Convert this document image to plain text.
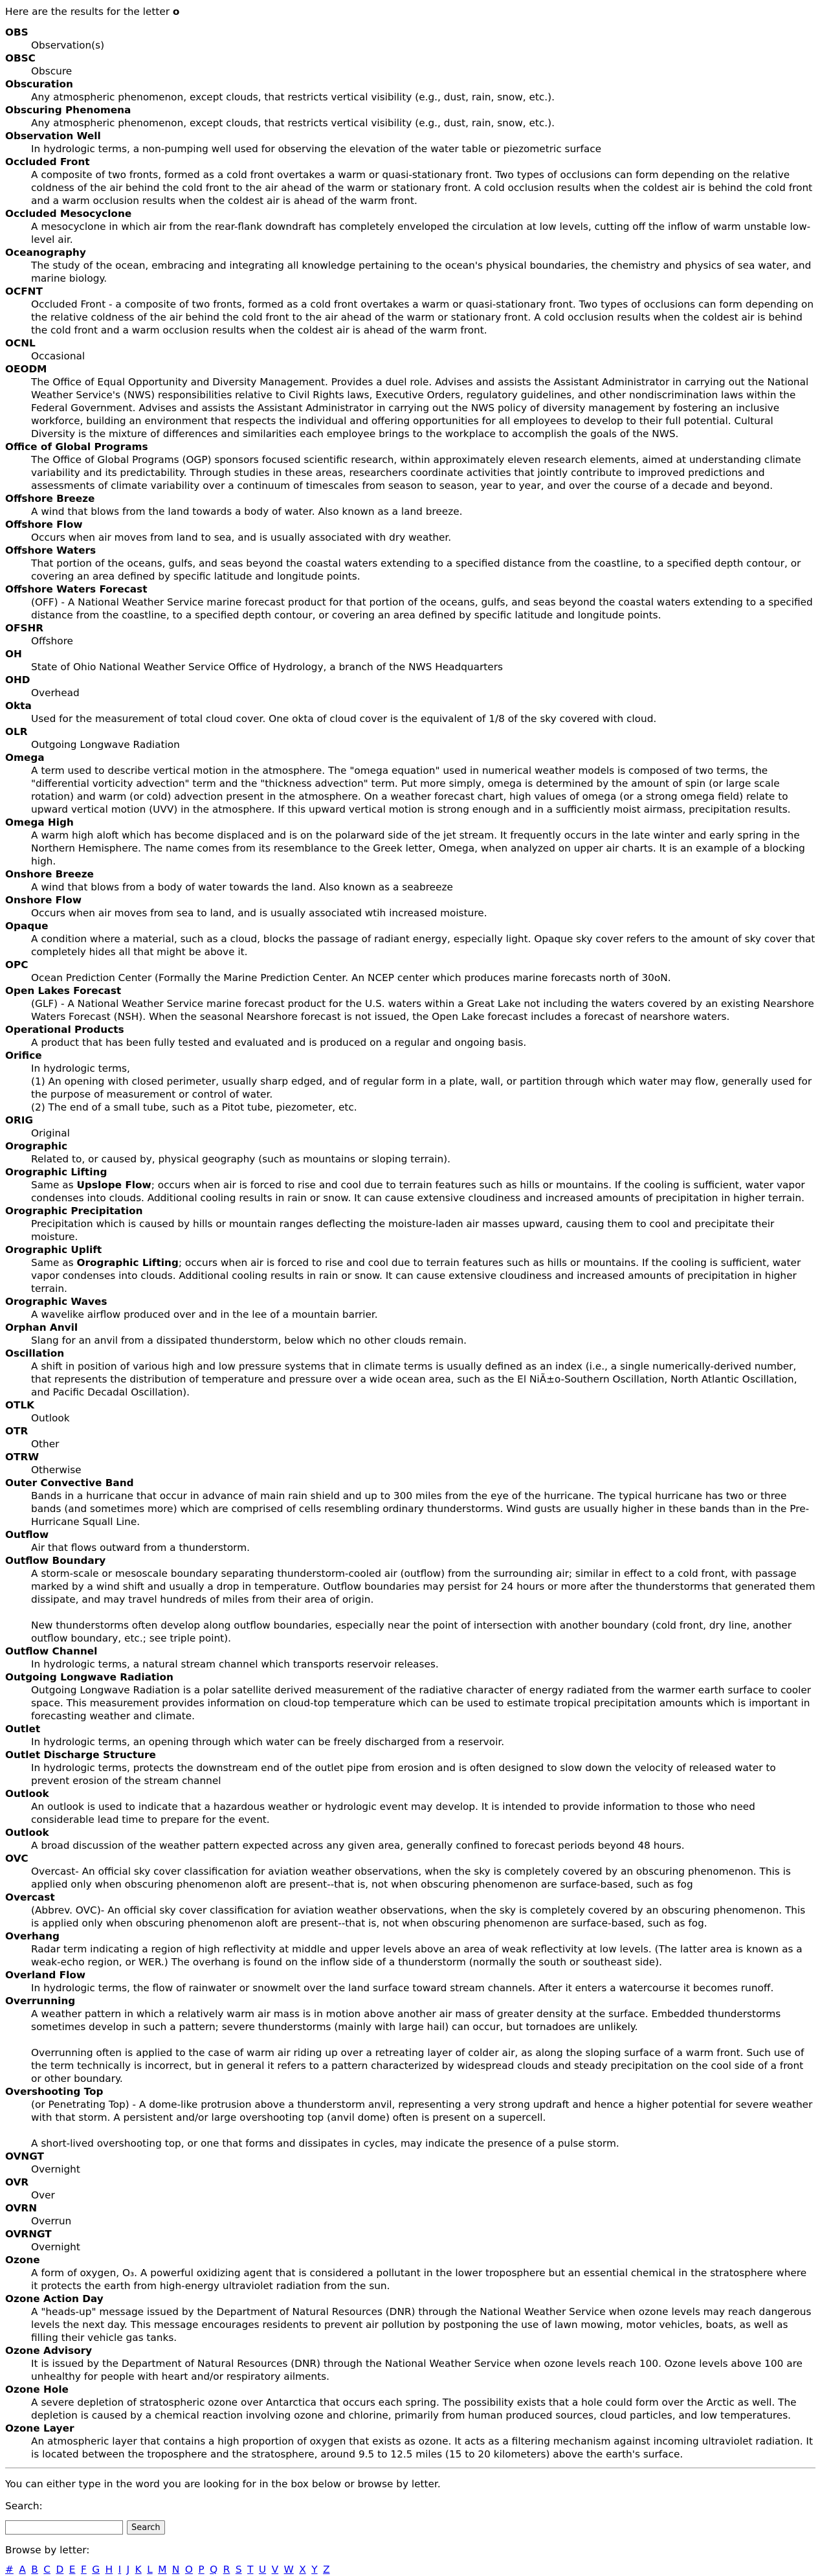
Here are the results for the letter o
OBS

Observation(s)

OBSC

Obscure

Obscuration

Any atmospheric phenomenon, except clouds, that restricts vertical visibility (e.g., dust, rain, snow, etc.).

Obscuring Phenomena

Any atmospheric phenomenon, except clouds, that restricts vertical visibility (e.g., dust, rain, snow, etc.).

Observation Well

In hydrologic terms, a non-pumping well used for observing the elevation of the water table or piezometric surface

Occluded Front

A composite of two fronts, formed as a cold front overtakes a warm or quasi-stationary front. Two types of occlusions can form depending on the relative coldness of the air behind the cold front to the air ahead of the warm or stationary front. A cold occlusion results when the coldest air is behind the cold front and a warm occlusion results when the coldest air is ahead of the warm front.

Occluded Mesocyclone

A mesocyclone in which air from the rear-flank downdraft has completely enveloped the circulation at low levels, cutting off the inflow of warm unstable low-level air.

Oceanography

The study of the ocean, embracing and integrating all knowledge pertaining to the ocean's physical boundaries, the chemistry and physics of sea water, and marine biology.

OCFNT

Occluded Front - a composite of two fronts, formed as a cold front overtakes a warm or quasi-stationary front. Two types of occlusions can form depending on the relative coldness of the air behind the cold front to the air ahead of the warm or stationary front. A cold occlusion results when the coldest air is behind the cold front and a warm occlusion results when the coldest air is ahead of the warm front.

OCNL

Occasional

OEODM

The Office of Equal Opportunity and Diversity Management. Provides a duel role. Advises and assists the Assistant Administrator in carrying out the National Weather Service's (NWS) responsibilities relative to Civil Rights laws, Executive Orders, regulatory guidelines, and other nondiscrimination laws within the Federal Government. Advises and assists the Assistant Administrator in carrying out the NWS policy of diversity management by fostering an inclusive workforce, building an environment that respects the individual and offering opportunities for all employees to develop to their full potential. Cultural Diversity is the mixture of differences and similarities each employee brings to the workplace to accomplish the goals of the NWS.

Office of Global Programs

The Office of Global Programs (OGP) sponsors focused scientific research, within approximately eleven research elements, aimed at understanding climate variability and its predictability. Through studies in these areas, researchers coordinate activities that jointly contribute to improved predictions and assessments of climate variability over a continuum of timescales from season to season, year to year, and over the course of a decade and beyond.

Offshore Breeze

A wind that blows from the land towards a body of water. Also known as a land breeze.

Offshore Flow

Occurs when air moves from land to sea, and is usually associated with dry weather.

Offshore Waters

That portion of the oceans, gulfs, and seas beyond the coastal waters extending to a specified distance from the coastline, to a specified depth contour, or covering an area defined by specific latitude and longitude points.

Offshore Waters Forecast

(OFF) - A National Weather Service marine forecast product for that portion of the oceans, gulfs, and seas beyond the coastal waters extending to a specified distance from the coastline, to a specified depth contour, or covering an area defined by specific latitude and longitude points.

OFSHR

Offshore

OH

State of Ohio National Weather Service Office of Hydrology, a branch of the NWS Headquarters

OHD

Overhead

Okta

Used for the measurement of total cloud cover. One okta of cloud cover is the equivalent of 1/8 of the sky covered with cloud.

OLR

Outgoing Longwave Radiation

Omega

A term used to describe vertical motion in the atmosphere. The "omega equation" used in numerical weather models is composed of two terms, the "differential vorticity advection" term and the "thickness advection" term. Put more simply, omega is determined by the amount of spin (or large scale rotation) and warm (or cold) advection present in the atmosphere. On a weather forecast chart, high values of omega (or a strong omega field) relate to upward vertical motion (UVV) in the atmosphere. If this upward vertical motion is strong enough and in a sufficiently moist airmass, precipitation results.

Omega High

A warm high aloft which has become displaced and is on the polarward side of the jet stream. It frequently occurs in the late winter and early spring in the Northern Hemisphere. The name comes from its resemblance to the Greek letter, Omega, when analyzed on upper air charts. It is an example of a blocking high.

Onshore Breeze

A wind that blows from a body of water towards the land. Also known as a seabreeze

Onshore Flow

Occurs when air moves from sea to land, and is usually associated wtih increased moisture.

Opaque

A condition where a material, such as a cloud, blocks the passage of radiant energy, especially light. Opaque sky cover refers to the amount of sky cover that completely hides all that might be above it.

OPC

Ocean Prediction Center (Formally the Marine Prediction Center. An NCEP center which produces marine forecasts north of 30oN.

Open Lakes Forecast

(GLF) - A National Weather Service marine forecast product for the U.S. waters within a Great Lake not including the waters covered by an existing Nearshore Waters Forecast (NSH). When the seasonal Nearshore forecast is not issued, the Open Lake forecast includes a forecast of nearshore waters.

Operational Products

A product that has been fully tested and evaluated and is produced on a regular and ongoing basis.

Orifice

In hydrologic terms,
(1) An opening with closed perimeter, usually sharp edged, and of regular form in a plate, wall, or partition through which water may flow, generally used for the purpose of measurement or control of water.
(2) The end of a small tube, such as a Pitot tube, piezometer, etc.

ORIG

Original

Orographic

Related to, or caused by, physical geography (such as mountains or sloping terrain).

Orographic Lifting

Same as Upslope Flow; occurs when air is forced to rise and cool due to terrain features such as hills or mountains. If the cooling is sufficient, water vapor condenses into clouds. Additional cooling results in rain or snow. It can cause extensive cloudiness and increased amounts of precipitation in higher terrain.

Orographic Precipitation

Precipitation which is caused by hills or mountain ranges deflecting the moisture-laden air masses upward, causing them to cool and precipitate their moisture.

Orographic Uplift

Same as Orographic Lifting; occurs when air is forced to rise and cool due to terrain features such as hills or mountains. If the cooling is sufficient, water vapor condenses into clouds. Additional cooling results in rain or snow. It can cause extensive cloudiness and increased amounts of precipitation in higher terrain.

Orographic Waves

A wavelike airflow produced over and in the lee of a mountain barrier.

Orphan Anvil

Slang for an anvil from a dissipated thunderstorm, below which no other clouds remain.

Oscillation

A shift in position of various high and low pressure systems that in climate terms is usually defined as an index (i.e., a single numerically-derived number, that represents the distribution of temperature and pressure over a wide ocean area, such as the El NiÃ±o-Southern Oscillation, North Atlantic Oscillation, and Pacific Decadal Oscillation).

OTLK

Outlook

OTR

Other

OTRW

Otherwise

Outer Convective Band

Bands in a hurricane that occur in advance of main rain shield and up to 300 miles from the eye of the hurricane. The typical hurricane has two or three bands (and sometimes more) which are comprised of cells resembling ordinary thunderstorms. Wind gusts are usually higher in these bands than in the Pre-Hurricane Squall Line.

Outflow

Air that flows outward from a thunderstorm.

Outflow Boundary

A storm-scale or mesoscale boundary separating thunderstorm-cooled air (outflow) from the surrounding air; similar in effect to a cold front, with passage marked by a wind shift and usually a drop in temperature. Outflow boundaries may persist for 24 hours or more after the thunderstorms that generated them dissipate, and may travel hundreds of miles from their area of origin.

New thunderstorms often develop along outflow boundaries, especially near the point of intersection with another boundary (cold front, dry line, another outflow boundary, etc.; see triple point).

Outflow Channel

In hydrologic terms, a natural stream channel which transports reservoir releases.

Outgoing Longwave Radiation

Outgoing Longwave Radiation is a polar satellite derived measurement of the radiative character of energy radiated from the warmer earth surface to cooler space. This measurement provides information on cloud-top temperature which can be used to estimate tropical precipitation amounts which is important in forecasting weather and climate.

Outlet

In hydrologic terms, an opening through which water can be freely discharged from a reservoir.

Outlet Discharge Structure

In hydrologic terms, protects the downstream end of the outlet pipe from erosion and is often designed to slow down the velocity of released water to prevent erosion of the stream channel

Outlook

An outlook is used to indicate that a hazardous weather or hydrologic event may develop. It is intended to provide information to those who need considerable lead time to prepare for the event.

Outlook

A broad discussion of the weather pattern expected across any given area, generally confined to forecast periods beyond 48 hours.

OVC

Overcast- An official sky cover classification for aviation weather observations, when the sky is completely covered by an obscuring phenomenon. This is applied only when obscuring phenomenon aloft are present--that is, not when obscuring phenomenon are surface-based, such as fog

Overcast

(Abbrev. OVC)- An official sky cover classification for aviation weather observations, when the sky is completely covered by an obscuring phenomenon. This is applied only when obscuring phenomenon aloft are present--that is, not when obscuring phenomenon are surface-based, such as fog.

Overhang

Radar term indicating a region of high reflectivity at middle and upper levels above an area of weak reflectivity at low levels. (The latter area is known as a weak-echo region, or WER.) The overhang is found on the inflow side of a thunderstorm (normally the south or southeast side).

Overland Flow

In hydrologic terms, the flow of rainwater or snowmelt over the land surface toward stream channels. After it enters a watercourse it becomes runoff.

Overrunning

A weather pattern in which a relatively warm air mass is in motion above another air mass of greater density at the surface. Embedded thunderstorms sometimes develop in such a pattern; severe thunderstorms (mainly with large hail) can occur, but tornadoes are unlikely.

Overrunning often is applied to the case of warm air riding up over a retreating layer of colder air, as along the sloping surface of a warm front. Such use of the term technically is incorrect, but in general it refers to a pattern characterized by widespread clouds and steady precipitation on the cool side of a front or other boundary.

Overshooting Top

(or Penetrating Top) - A dome-like protrusion above a thunderstorm anvil, representing a very strong updraft and hence a higher potential for severe weather with that storm. A persistent and/or large overshooting top (anvil dome) often is present on a supercell.

A short-lived overshooting top, or one that forms and dissipates in cycles, may indicate the presence of a pulse storm.

OVNGT

Overnight

OVR

Over

OVRN

Overrun

OVRNGT

Overnight

Ozone

A form of oxygen, O₃. A powerful oxidizing agent that is considered a pollutant in the lower troposphere but an essential chemical in the stratosphere where it protects the earth from high-energy ultraviolet radiation from the sun.

Ozone Action Day

A "heads-up" message issued by the Department of Natural Resources (DNR) through the National Weather Service when ozone levels may reach dangerous levels the next day. This message encourages residents to prevent air pollution by postponing the use of lawn mowing, motor vehicles, boats, as well as filling their vehicle gas tanks.

Ozone Advisory

It is issued by the Department of Natural Resources (DNR) through the National Weather Service when ozone levels reach 100. Ozone levels above 100 are unhealthy for people with heart and/or respiratory ailments.

Ozone Hole

A severe depletion of stratospheric ozone over Antarctica that occurs each spring. The possibility exists that a hole could form over the Arctic as well. The depletion is caused by a chemical reaction involving ozone and chlorine, primarily from human produced sources, cloud particles, and low temperatures.

Ozone Layer

An atmospheric layer that contains a high proportion of oxygen that exists as ozone. It acts as a filtering mechanism against incoming ultraviolet radiation. It is located between the troposphere and the stratosphere, around 9.5 to 12.5 miles (15 to 20 kilometers) above the earth's surface.

You can either type in the word you are looking for in the box below or browse by letter.
Search:
Search
Browse by letter:
# A B C D E F G H I J K L M N O P Q R S T U V W X Y Z
